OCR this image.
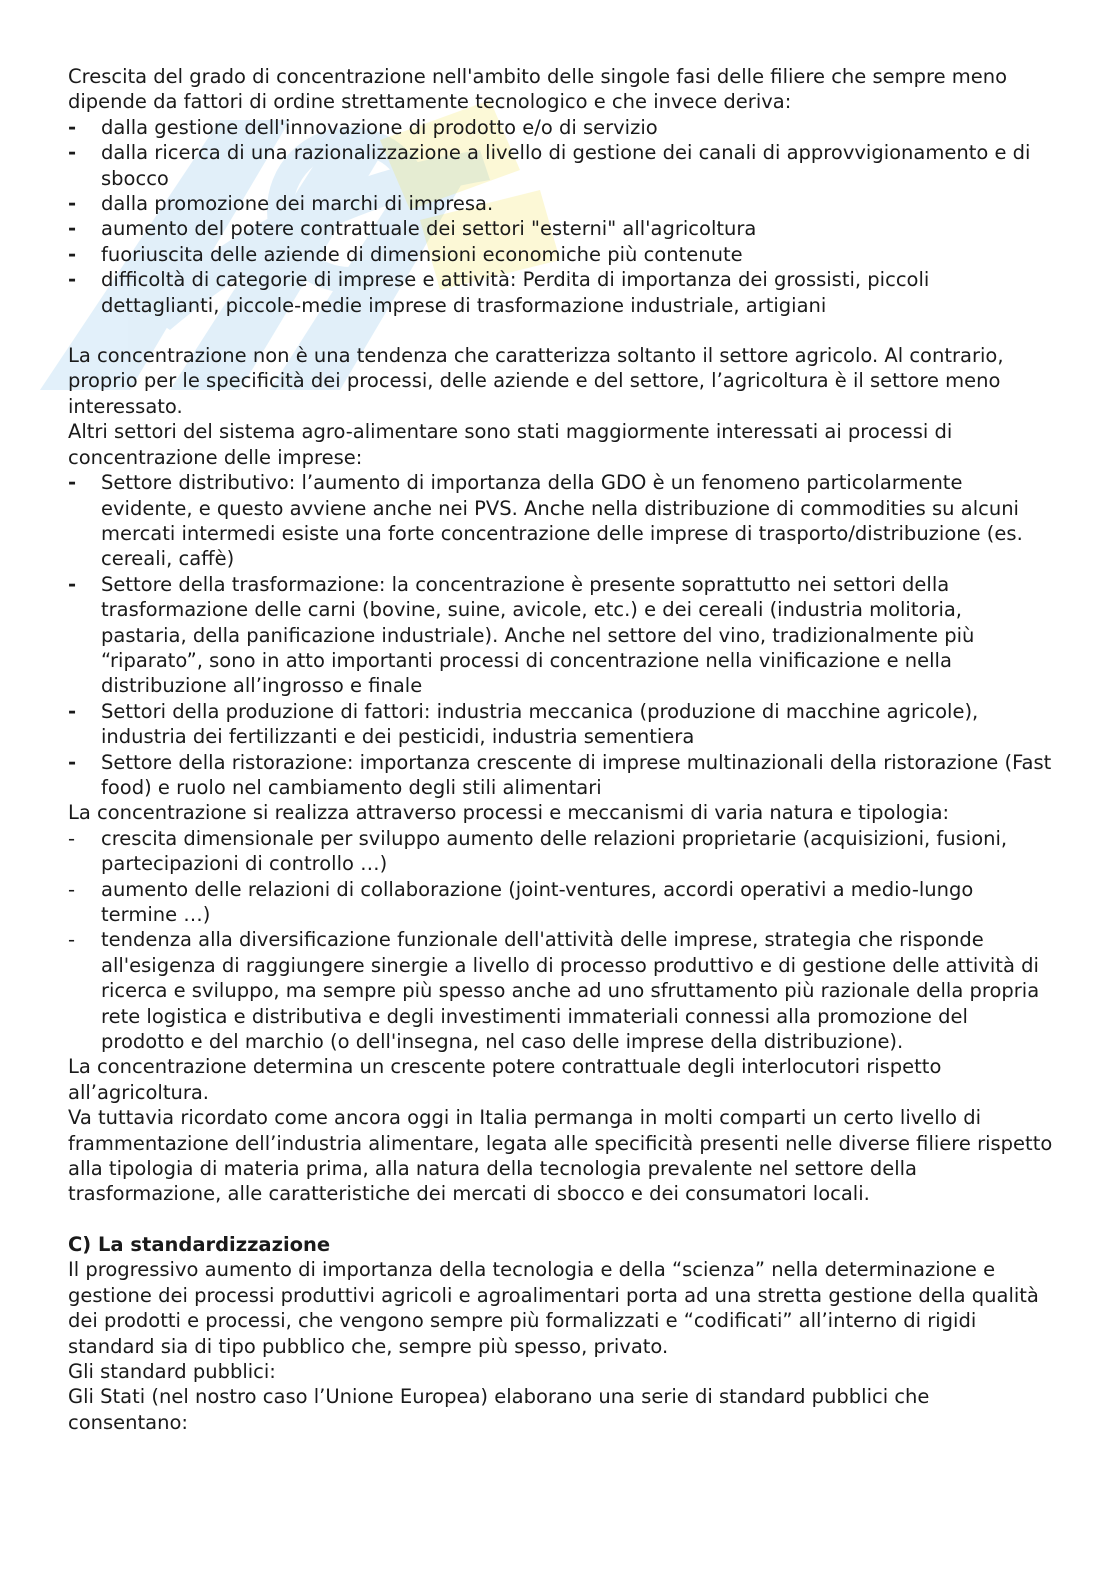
Crescita del grado di concentrazione nell'ambito delle singole fasi delle filiere che sempre meno dipende da fattori di ordine strettamente tecnologico e che invece deriva:

- dalla gestione dell'innovazione di prodotto e/o di servizio
- dalla ricerca di una razionalizzazione a livello di gestione dei canali di approvvigionamento e di sbocco
- dalla promozione dei marchi di impresa.
- aumento del potere contrattuale dei settori "esterni" all'agricoltura
- fuoriuscita delle aziende di dimensioni economiche più contenute
- difficoltà di categorie di imprese e attività: Perdita di importanza dei grossisti, piccoli dettaglianti, piccole-medie imprese di trasformazione industriale, artigiani

La concentrazione non è una tendenza che caratterizza soltanto il settore agricolo. Al contrario, proprio per le specificità dei processi, delle aziende e del settore, l’agricoltura è il settore meno interessato.

Altri settori del sistema agro-alimentare sono stati maggiormente interessati ai processi di concentrazione delle imprese:

- Settore distributivo: l’aumento di importanza della GDO è un fenomeno particolarmente evidente, e questo avviene anche nei PVS. Anche nella distribuzione di commodities su alcuni mercati intermedi esiste una forte concentrazione delle imprese di trasporto/distribuzione (es. cereali, caffè)
- Settore della trasformazione: la concentrazione è presente soprattutto nei settori della trasformazione delle carni (bovine, suine, avicole, etc.) e dei cereali (industria molitoria, pastaria, della panificazione industriale). Anche nel settore del vino, tradizionalmente più “riparato”, sono in atto importanti processi di concentrazione nella vinificazione e nella distribuzione all’ingrosso e finale
- Settori della produzione di fattori: industria meccanica (produzione di macchine agricole), industria dei fertilizzanti e dei pesticidi, industria sementiera
- Settore della ristorazione: importanza crescente di imprese multinazionali della ristorazione (Fast food) e ruolo nel cambiamento degli stili alimentari

La concentrazione si realizza attraverso processi e meccanismi di varia natura e tipologia:

- crescita dimensionale per sviluppo aumento delle relazioni proprietarie (acquisizioni, fusioni, partecipazioni di controllo …)
- aumento delle relazioni di collaborazione (joint-ventures, accordi operativi a medio-lungo termine …)
- tendenza alla diversificazione funzionale dell'attività delle imprese, strategia che risponde all'esigenza di raggiungere sinergie a livello di processo produttivo e di gestione delle attività di ricerca e sviluppo, ma sempre più spesso anche ad uno sfruttamento più razionale della propria rete logistica e distributiva e degli investimenti immateriali connessi alla promozione del prodotto e del marchio (o dell'insegna, nel caso delle imprese della distribuzione).

La concentrazione determina un crescente potere contrattuale degli interlocutori rispetto all’agricoltura.

Va tuttavia ricordato come ancora oggi in Italia permanga in molti comparti un certo livello di frammentazione dell’industria alimentare, legata alle specificità presenti nelle diverse filiere rispetto alla tipologia di materia prima, alla natura della tecnologia prevalente nel settore della trasformazione, alle caratteristiche dei mercati di sbocco e dei consumatori locali.

C) La standardizzazione

Il progressivo aumento di importanza della tecnologia e della “scienza” nella determinazione e gestione dei processi produttivi agricoli e agroalimentari porta ad una stretta gestione della qualità dei prodotti e processi, che vengono sempre più formalizzati e “codificati” all’interno di rigidi standard sia di tipo pubblico che, sempre più spesso, privato.

Gli standard pubblici:

Gli Stati (nel nostro caso l’Unione Europea) elaborano una serie di standard pubblici che consentano:
